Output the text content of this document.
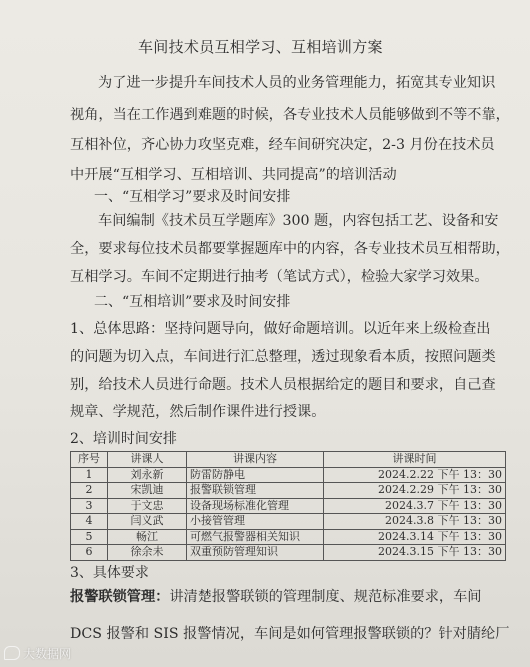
车间技术员互相学习、互相培训方案
为了进一步提升车间技术人员的业务管理能力，拓宽其专业知识
视角，当在工作遇到难题的时候，各专业技术人员能够做到不等不靠，
互相补位，齐心协力攻坚克难，经车间研究决定，2-3 月份在技术员
中开展“互相学习、互相培训、共同提高”的培训活动
一、“互相学习”要求及时间安排
车间编制《技术员互学题库》300 题，内容包括工艺、设备和安
全，要求每位技术员都要掌握题库中的内容，各专业技术员互相帮助，
互相学习。车间不定期进行抽考（笔试方式），检验大家学习效果。
二、“互相培训”要求及时间安排
1、总体思路：坚持问题导向，做好命题培训。以近年来上级检查出
的问题为切入点，车间进行汇总整理，透过现象看本质，按照问题类
别，给技术人员进行命题。技术人员根据给定的题目和要求，自己查
规章、学规范，然后制作课件进行授课。
2、培训时间安排
序号	讲课人	讲课内容	讲课时间
1	刘永新	防雷防静电	2024.2.22 下午 13：30
2	宋凯迪	报警联锁管理	2024.2.29 下午 13：30
3	于文忠	设备现场标准化管理	2024.3.7 下午 13：30
4	闫义武	小接管管理	2024.3.8 下午 13：30
5	畅江	可燃气报警器相关知识	2024.3.14 下午 13：30
6	徐余未	双重预防管理知识	2024.3.15 下午 13：30
3、具体要求
报警联锁管理：讲清楚报警联锁的管理制度、规范标准要求，车间
DCS 报警和 SIS 报警情况，车间是如何管理报警联锁的？针对腈纶厂
大数据网
